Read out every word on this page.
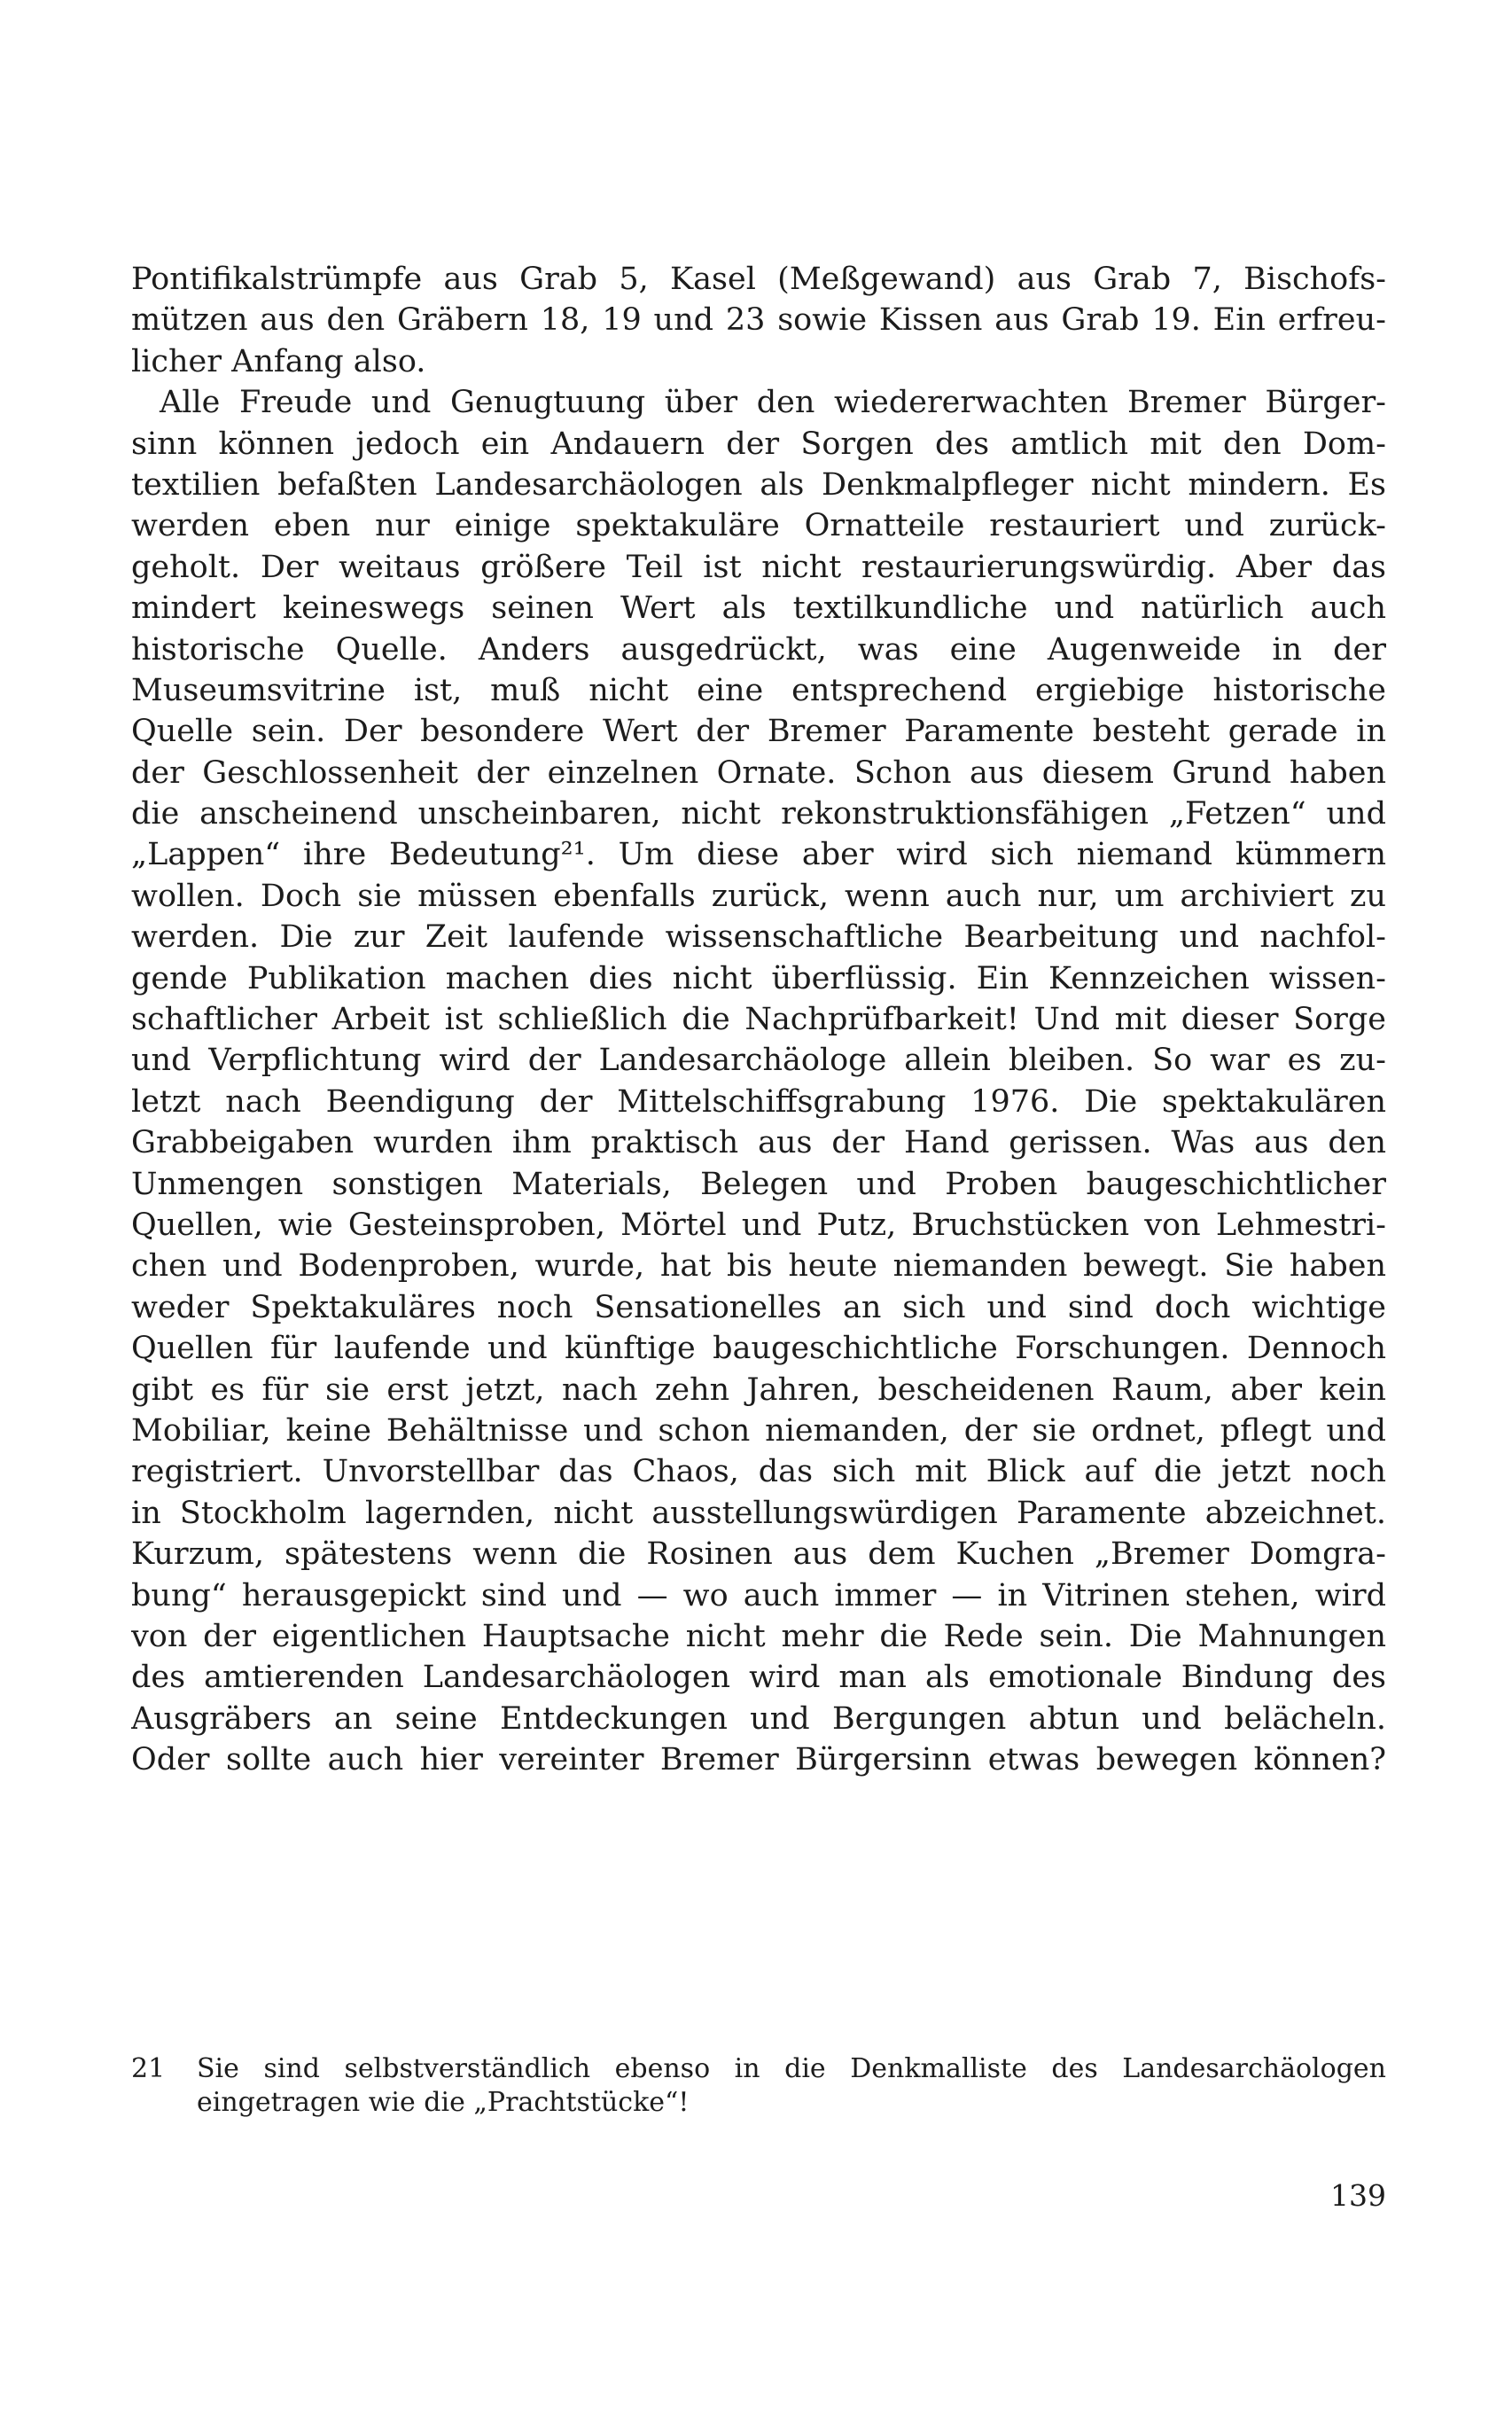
Pontifikalstrümpfe aus Grab 5, Kasel (Meßgewand) aus Grab 7, Bischofs-
mützen aus den Gräbern 18, 19 und 23 sowie Kissen aus Grab 19. Ein erfreu-
licher Anfang also.
Alle Freude und Genugtuung über den wiedererwachten Bremer Bürger-
sinn können jedoch ein Andauern der Sorgen des amtlich mit den Dom-
textilien befaßten Landesarchäologen als Denkmalpfleger nicht mindern. Es
werden eben nur einige spektakuläre Ornatteile restauriert und zurück-
geholt. Der weitaus größere Teil ist nicht restaurierungswürdig. Aber das
mindert keineswegs seinen Wert als textilkundliche und natürlich auch
historische Quelle. Anders ausgedrückt, was eine Augenweide in der
Museumsvitrine ist, muß nicht eine entsprechend ergiebige historische
Quelle sein. Der besondere Wert der Bremer Paramente besteht gerade in
der Geschlossenheit der einzelnen Ornate. Schon aus diesem Grund haben
die anscheinend unscheinbaren, nicht rekonstruktionsfähigen „Fetzen“ und
„Lappen“ ihre Bedeutung²¹. Um diese aber wird sich niemand kümmern
wollen. Doch sie müssen ebenfalls zurück, wenn auch nur, um archiviert zu
werden. Die zur Zeit laufende wissenschaftliche Bearbeitung und nachfol-
gende Publikation machen dies nicht überflüssig. Ein Kennzeichen wissen-
schaftlicher Arbeit ist schließlich die Nachprüfbarkeit! Und mit dieser Sorge
und Verpflichtung wird der Landesarchäologe allein bleiben. So war es zu-
letzt nach Beendigung der Mittelschiffsgrabung 1976. Die spektakulären
Grabbeigaben wurden ihm praktisch aus der Hand gerissen. Was aus den
Unmengen sonstigen Materials, Belegen und Proben baugeschichtlicher
Quellen, wie Gesteinsproben, Mörtel und Putz, Bruchstücken von Lehmestri-
chen und Bodenproben, wurde, hat bis heute niemanden bewegt. Sie haben
weder Spektakuläres noch Sensationelles an sich und sind doch wichtige
Quellen für laufende und künftige baugeschichtliche Forschungen. Dennoch
gibt es für sie erst jetzt, nach zehn Jahren, bescheidenen Raum, aber kein
Mobiliar, keine Behältnisse und schon niemanden, der sie ordnet, pflegt und
registriert. Unvorstellbar das Chaos, das sich mit Blick auf die jetzt noch
in Stockholm lagernden, nicht ausstellungswürdigen Paramente abzeichnet.
Kurzum, spätestens wenn die Rosinen aus dem Kuchen „Bremer Domgra-
bung“ herausgepickt sind und — wo auch immer — in Vitrinen stehen, wird
von der eigentlichen Hauptsache nicht mehr die Rede sein. Die Mahnungen
des amtierenden Landesarchäologen wird man als emotionale Bindung des
Ausgräbers an seine Entdeckungen und Bergungen abtun und belächeln.
Oder sollte auch hier vereinter Bremer Bürgersinn etwas bewegen können?
21	Sie sind selbstverständlich ebenso in die Denkmalliste des Landesarchäologen
eingetragen wie die „Prachtstücke“!
139
